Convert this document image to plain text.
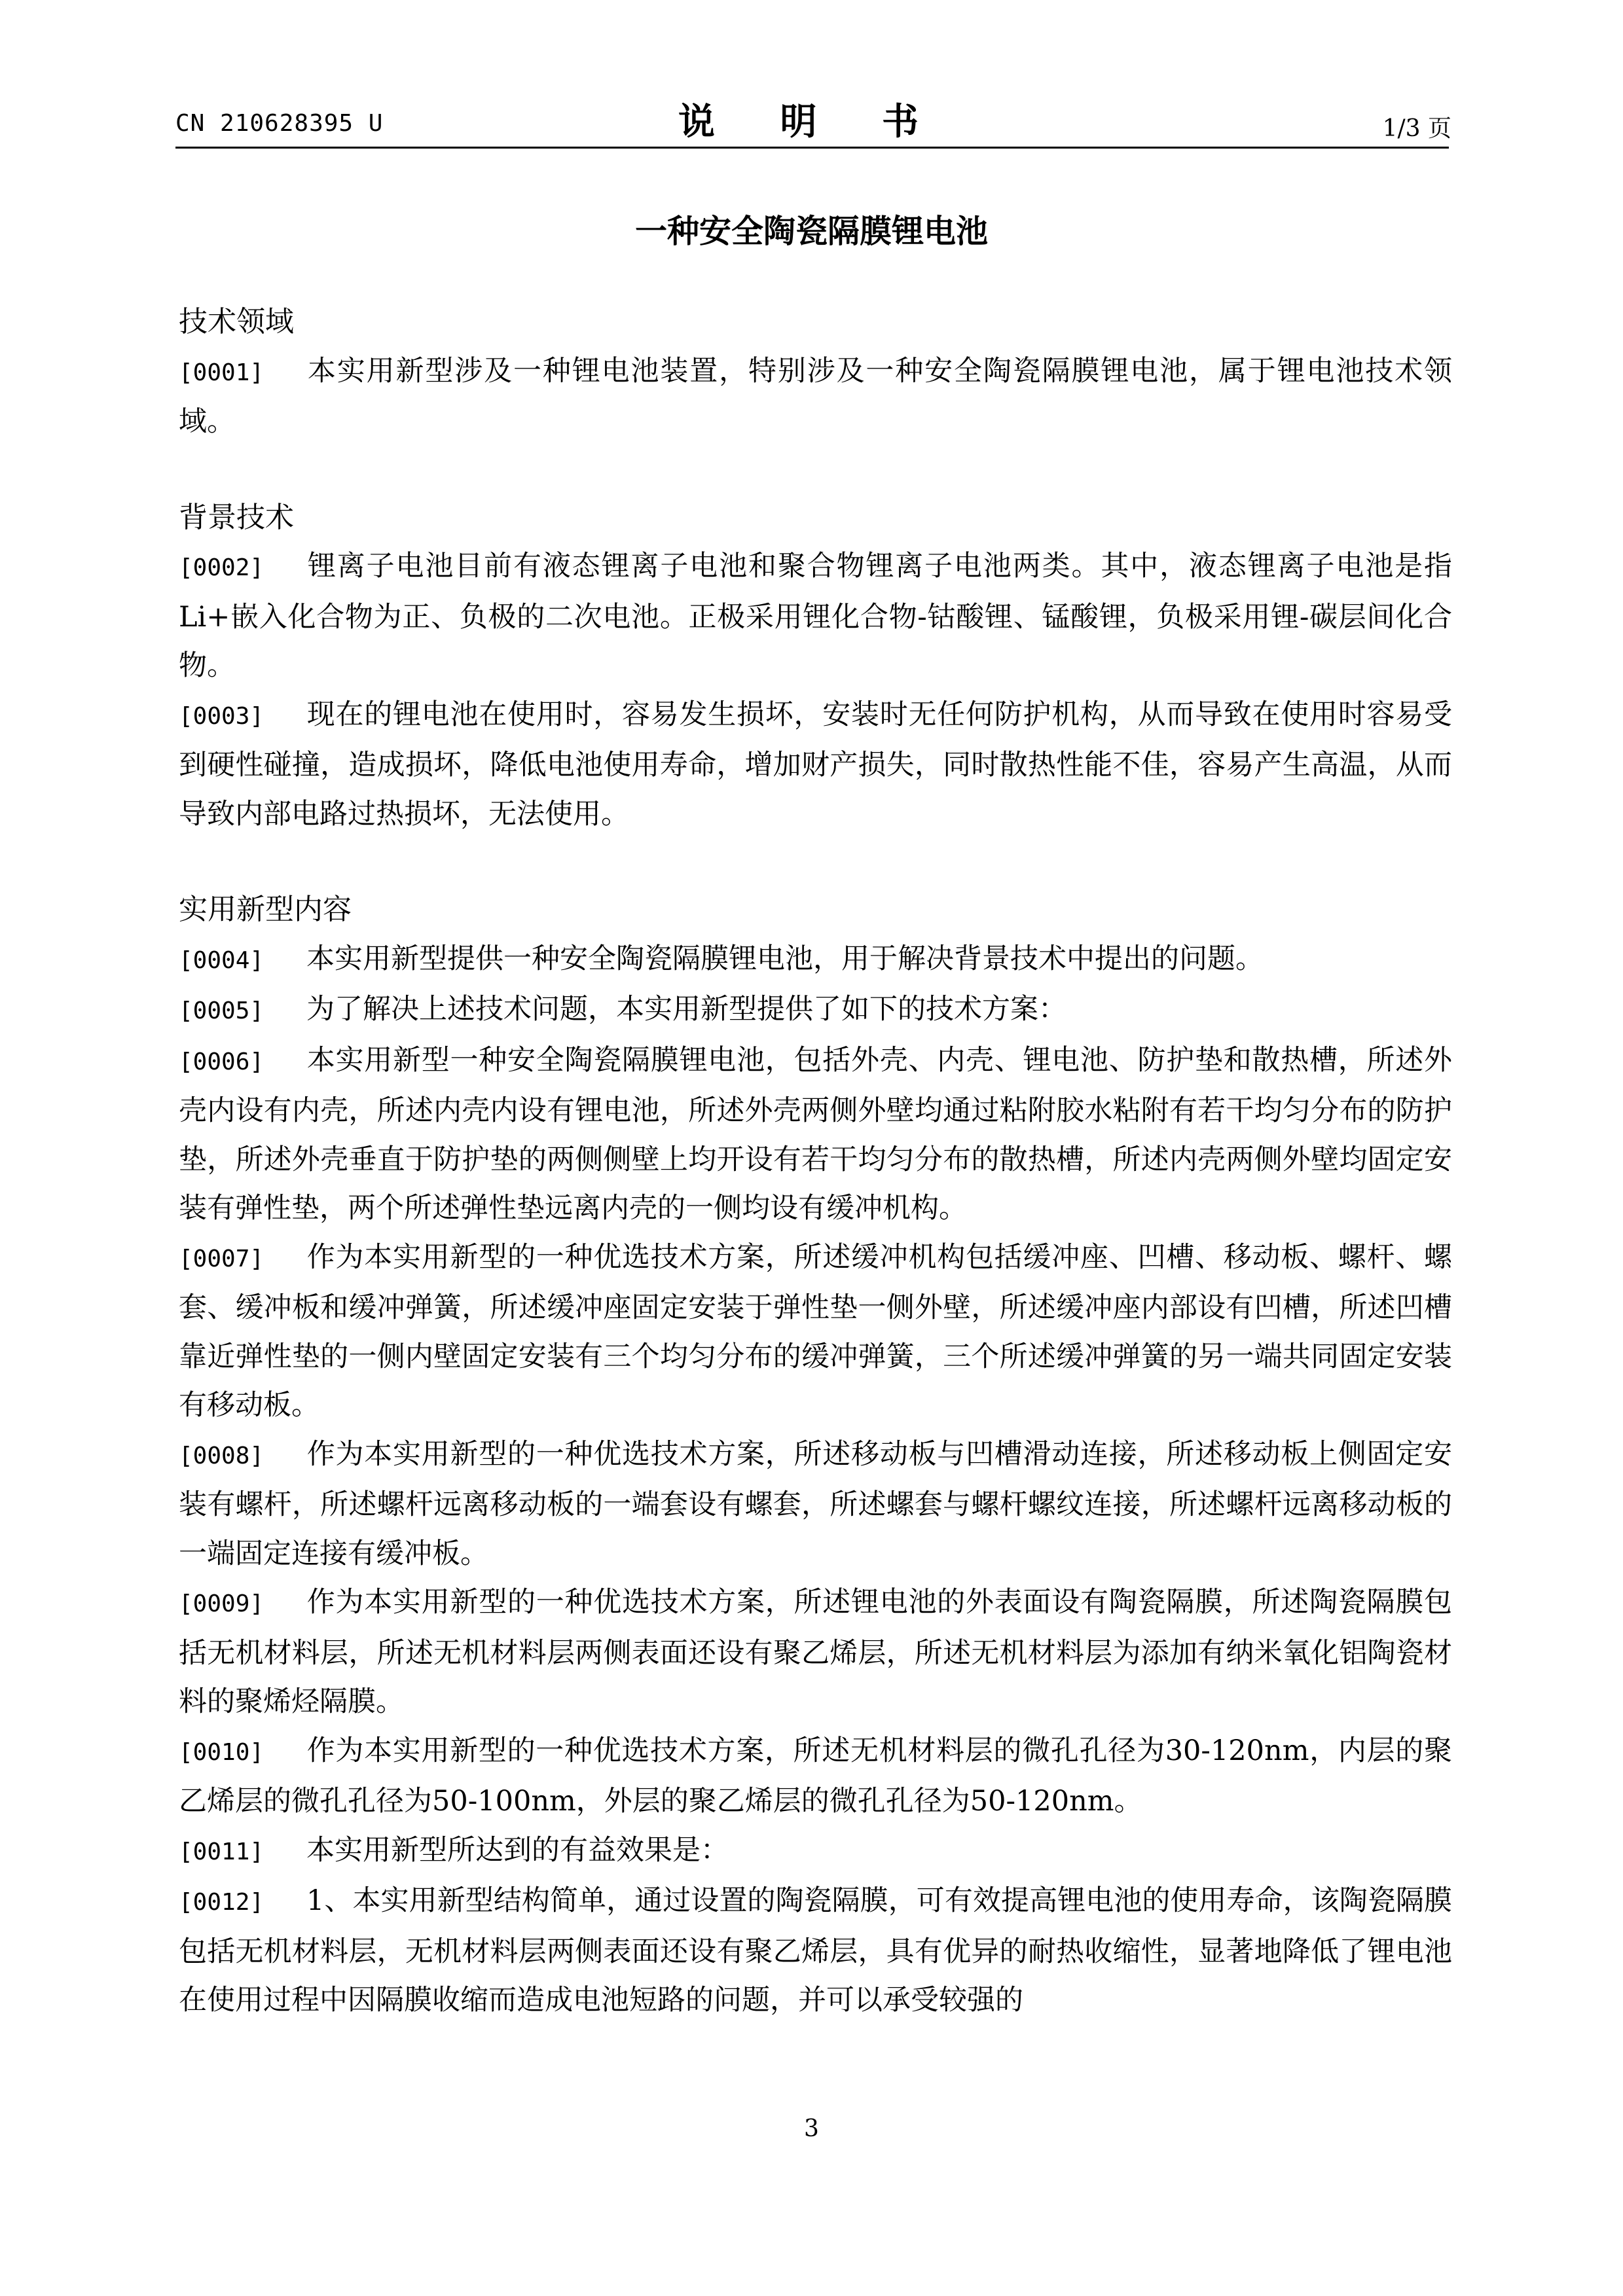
CN 210628395 U	说 明 书	1/3 页
一种安全陶瓷隔膜锂电池
技术领域
[0001] 本实用新型涉及一种锂电池装置，特别涉及一种安全陶瓷隔膜锂电池，属于锂电池技术领域。
背景技术
[0002] 锂离子电池目前有液态锂离子电池和聚合物锂离子电池两类。其中，液态锂离子电池是指Li+嵌入化合物为正、负极的二次电池。正极采用锂化合物-钴酸锂、锰酸锂，负极采用锂-碳层间化合物。
[0003] 现在的锂电池在使用时，容易发生损坏，安装时无任何防护机构，从而导致在使用时容易受到硬性碰撞，造成损坏，降低电池使用寿命，增加财产损失，同时散热性能不佳，容易产生高温，从而导致内部电路过热损坏，无法使用。
实用新型内容
[0004] 本实用新型提供一种安全陶瓷隔膜锂电池，用于解决背景技术中提出的问题。
[0005] 为了解决上述技术问题，本实用新型提供了如下的技术方案：
[0006] 本实用新型一种安全陶瓷隔膜锂电池，包括外壳、内壳、锂电池、防护垫和散热槽，所述外壳内设有内壳，所述内壳内设有锂电池，所述外壳两侧外壁均通过粘附胶水粘附有若干均匀分布的防护垫，所述外壳垂直于防护垫的两侧侧壁上均开设有若干均匀分布的散热槽，所述内壳两侧外壁均固定安装有弹性垫，两个所述弹性垫远离内壳的一侧均设有缓冲机构。
[0007] 作为本实用新型的一种优选技术方案，所述缓冲机构包括缓冲座、凹槽、移动板、螺杆、螺套、缓冲板和缓冲弹簧，所述缓冲座固定安装于弹性垫一侧外壁，所述缓冲座内部设有凹槽，所述凹槽靠近弹性垫的一侧内壁固定安装有三个均匀分布的缓冲弹簧，三个所述缓冲弹簧的另一端共同固定安装有移动板。
[0008] 作为本实用新型的一种优选技术方案，所述移动板与凹槽滑动连接，所述移动板上侧固定安装有螺杆，所述螺杆远离移动板的一端套设有螺套，所述螺套与螺杆螺纹连接，所述螺杆远离移动板的一端固定连接有缓冲板。
[0009] 作为本实用新型的一种优选技术方案，所述锂电池的外表面设有陶瓷隔膜，所述陶瓷隔膜包括无机材料层，所述无机材料层两侧表面还设有聚乙烯层，所述无机材料层为添加有纳米氧化铝陶瓷材料的聚烯烃隔膜。
[0010] 作为本实用新型的一种优选技术方案，所述无机材料层的微孔孔径为30-120nm，内层的聚乙烯层的微孔孔径为50-100nm，外层的聚乙烯层的微孔孔径为50-120nm。
[0011] 本实用新型所达到的有益效果是：
[0012] 1、本实用新型结构简单，通过设置的陶瓷隔膜，可有效提高锂电池的使用寿命，该陶瓷隔膜包括无机材料层，无机材料层两侧表面还设有聚乙烯层，具有优异的耐热收缩性，显著地降低了锂电池在使用过程中因隔膜收缩而造成电池短路的问题，并可以承受较强的
3
